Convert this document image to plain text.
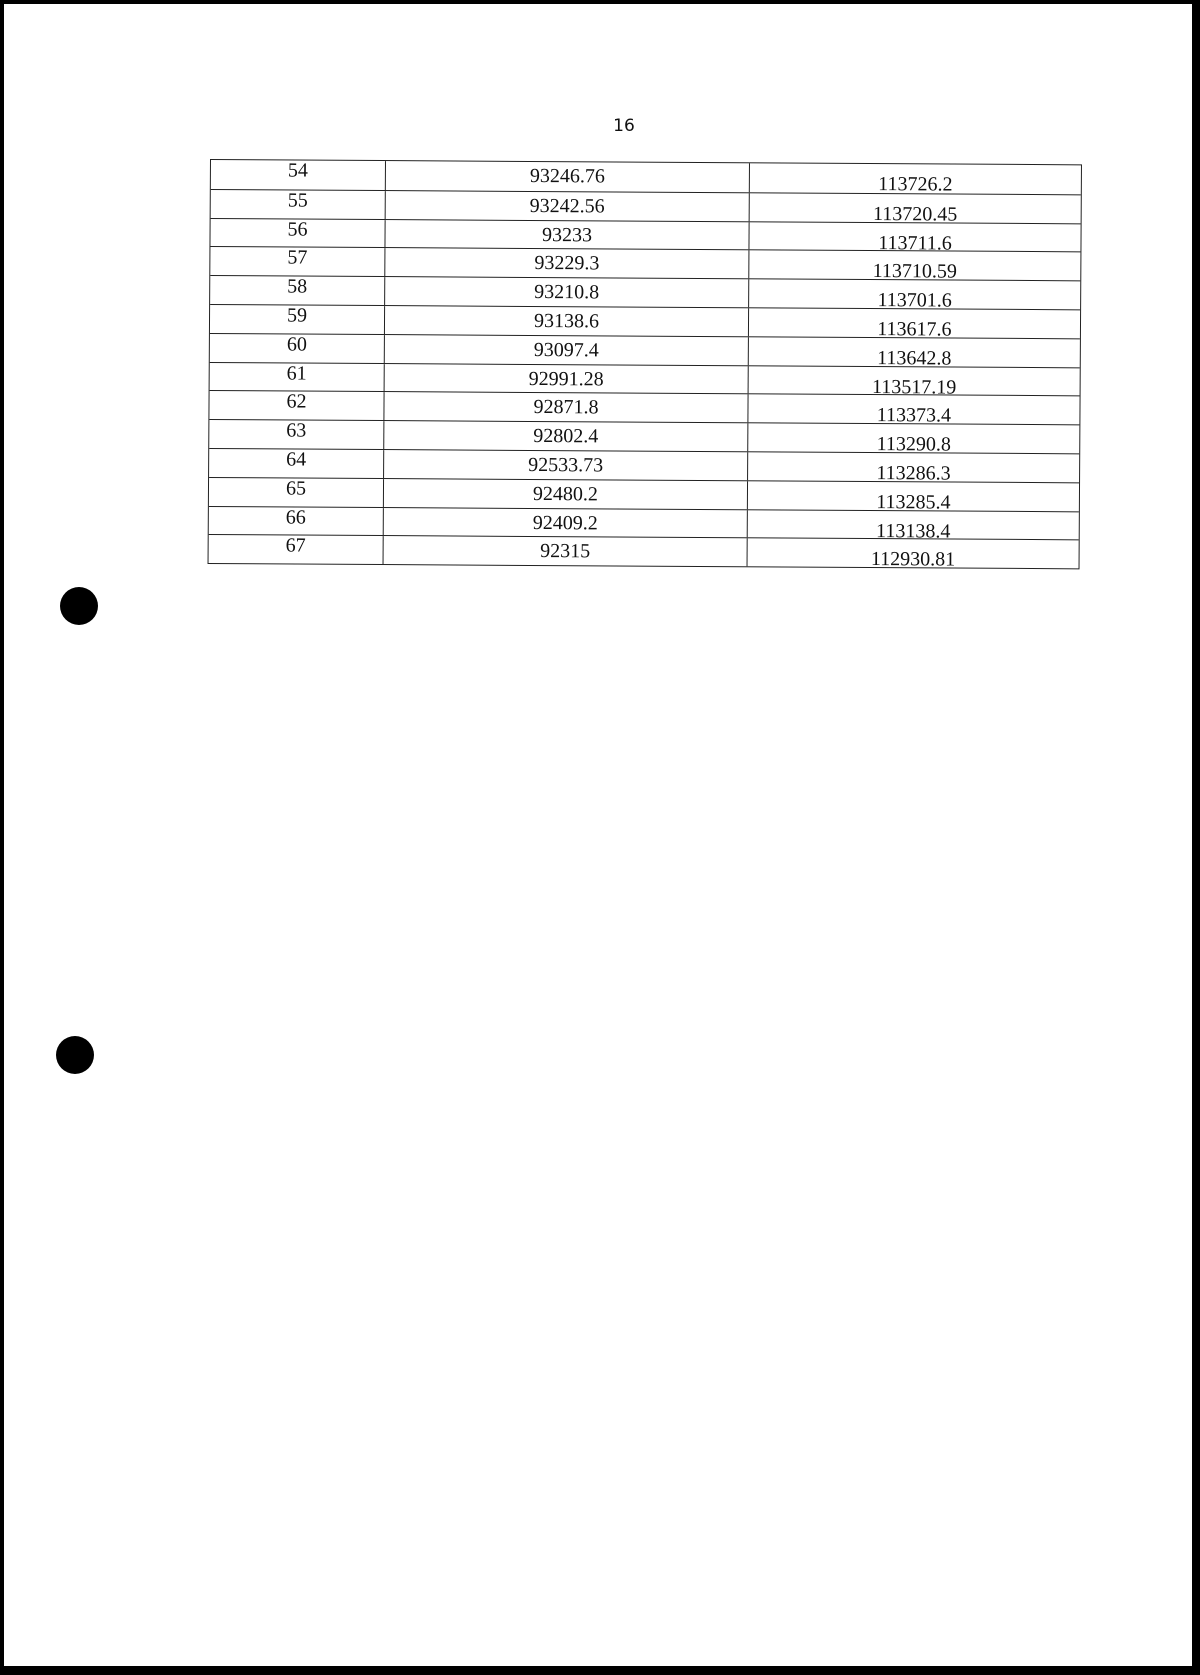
16
54	93246.76	113726.2
55	93242.56	113720.45
56	93233	113711.6
57	93229.3	113710.59
58	93210.8	113701.6
59	93138.6	113617.6
60	93097.4	113642.8
61	92991.28	113517.19
62	92871.8	113373.4
63	92802.4	113290.8
64	92533.73	113286.3
65	92480.2	113285.4
66	92409.2	113138.4
67	92315	112930.81
